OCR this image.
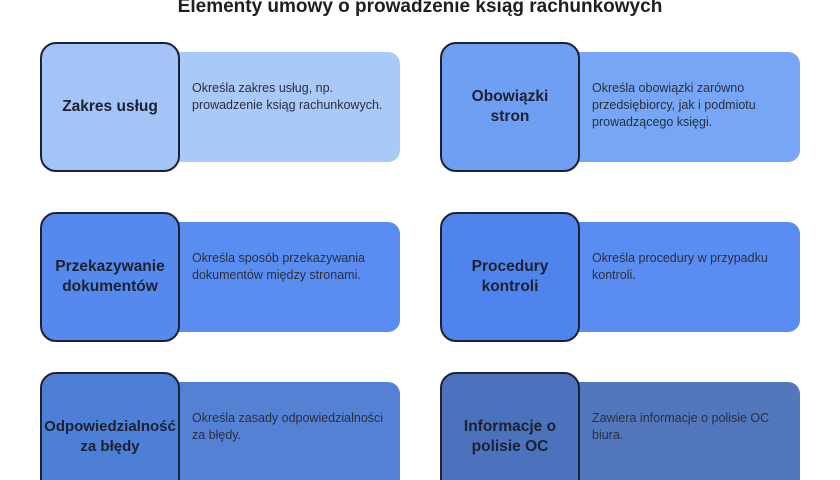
Elementy umowy o prowadzenie ksiąg rachunkowych
Określa zakres usług, np. prowadzenie ksiąg rachunkowych.
Zakres usług
Określa obowiązki zarówno przedsiębiorcy, jak i podmiotu prowadzącego księgi.
Obowiązki stron
Określa sposób przekazywania dokumentów między stronami.
Przekazywanie dokumentów
Określa procedury w przypadku kontroli.
Procedury kontroli
Określa zasady odpowiedzialności za błędy.
Odpowiedzialność za błędy
Zawiera informacje o polisie OC biura.
Informacje o polisie OC
